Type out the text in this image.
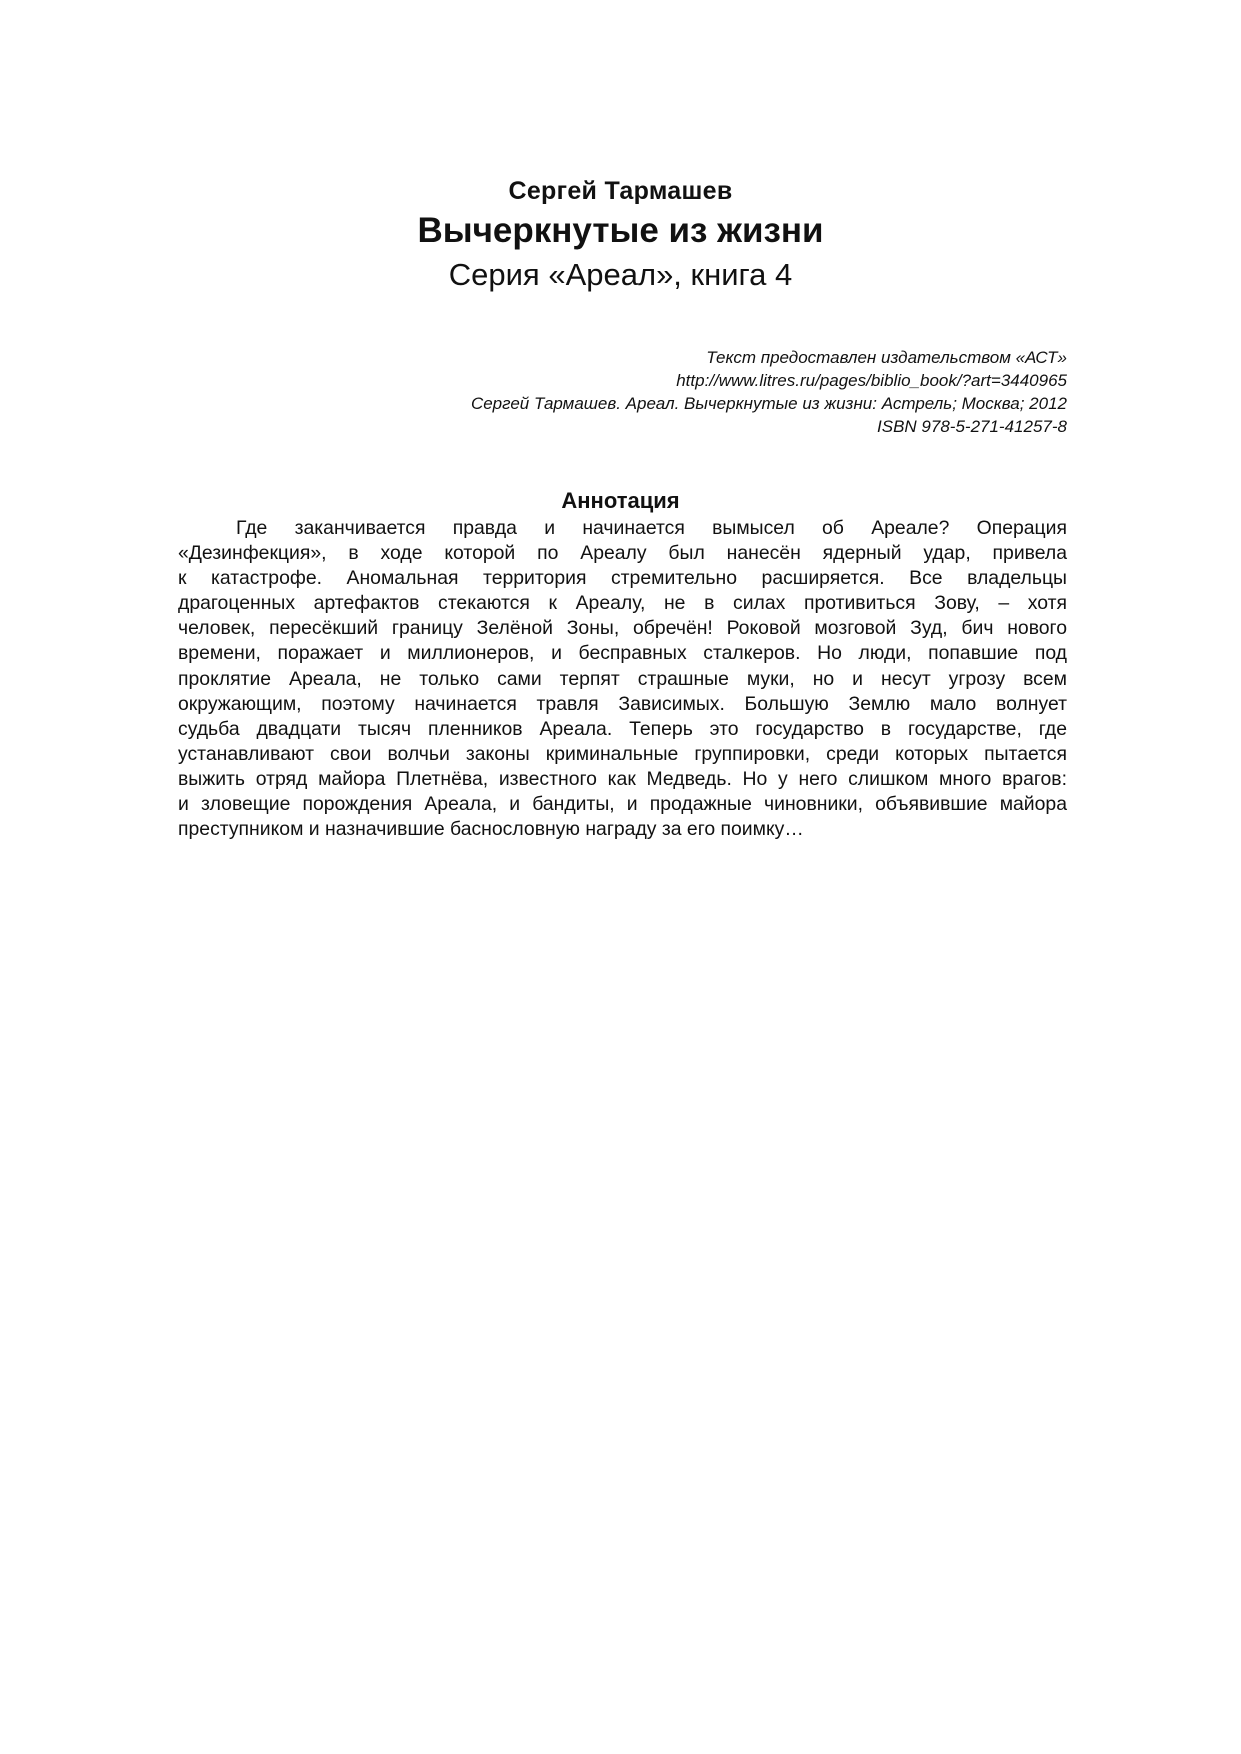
Сергей Тармашев
Вычеркнутые из жизни
Серия «Ареал», книга 4
Текст предоставлен издательством «АСТ»
http://www.litres.ru/pages/biblio_book/?art=3440965
Сергей Тармашев. Ареал. Вычеркнутые из жизни: Астрель; Москва; 2012
ISBN 978-5-271-41257-8
Аннотация
Где заканчивается правда и начинается вымысел об Ареале? Операция
«Дезинфекция», в ходе которой по Ареалу был нанесён ядерный удар, привела
к катастрофе. Аномальная территория стремительно расширяется. Все владельцы
драгоценных артефактов стекаются к Ареалу, не в силах противиться Зову, – хотя
человек, пересёкший границу Зелёной Зоны, обречён! Роковой мозговой Зуд, бич нового
времени, поражает и миллионеров, и бесправных сталкеров. Но люди, попавшие под
проклятие Ареала, не только сами терпят страшные муки, но и несут угрозу всем
окружающим, поэтому начинается травля Зависимых. Большую Землю мало волнует
судьба двадцати тысяч пленников Ареала. Теперь это государство в государстве, где
устанавливают свои волчьи законы криминальные группировки, среди которых пытается
выжить отряд майора Плетнёва, известного как Медведь. Но у него слишком много врагов:
и зловещие порождения Ареала, и бандиты, и продажные чиновники, объявившие майора
преступником и назначившие баснословную награду за его поимку…
